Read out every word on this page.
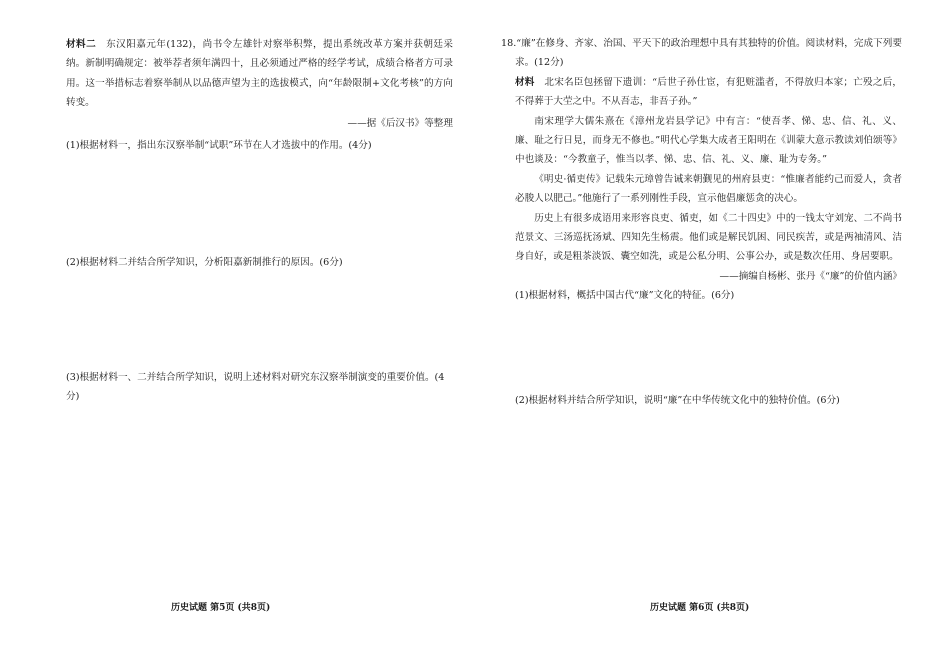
材料二  东汉阳嘉元年(132)，尚书令左雄针对察举积弊，提出系统改革方案并获朝廷采纳。新制明确规定：被举荐者须年满四十，且必须通过严格的经学考试，成绩合格者方可录用。这一举措标志着察举制从以品德声望为主的选拔模式，向“年龄限制+文化考核”的方向转变。

——据《后汉书》等整理

(1)根据材料一，指出东汉察举制“试职”环节在人才选拔中的作用。(4分)

(2)根据材料二并结合所学知识，分析阳嘉新制推行的原因。(6分)

(3)根据材料一、二并结合所学知识，说明上述材料对研究东汉察举制演变的重要价值。(4分)

历史试题 第5页 (共8页)

18.“廉”在修身、齐家、治国、平天下的政治理想中具有其独特的价值。阅读材料，完成下列要求。(12分)

材料  北宋名臣包拯留下遗训：“后世子孙仕宦，有犯赃滥者，不得放归本家；亡殁之后，不得葬于大茔之中。不从吾志，非吾子孙。”

南宋理学大儒朱熹在《漳州龙岩县学记》中有言：“使吾孝、悌、忠、信、礼、义、廉、耻之行日見，而身无不修也。”明代心学集大成者王阳明在《训蒙大意示教读刘伯颂等》中也谈及：“今教童子，惟当以孝、悌、忠、信、礼、义、廉、耻为专务。”

《明史·循吏传》记载朱元璋曾告诫来朝觐见的州府县吏：“惟廉者能约己而爱人，贪者必朘人以肥己。”他施行了一系列刚性手段，宣示他倡廉惩贪的决心。

历史上有很多成语用来形容良吏、循吏，如《二十四史》中的一钱太守刘宠、二不尚书范景文、三汤巡抚汤斌、四知先生杨震。他们或是解民饥困、同民疾苦，或是两袖清风、洁身自好，或是粗茶淡饭、囊空如洗，或是公私分明、公事公办，或是数次任用、身居要职。

——摘编自杨彬、张丹《“廉”的价值内涵》

(1)根据材料，概括中国古代“廉”文化的特征。(6分)

(2)根据材料并结合所学知识，说明“廉”在中华传统文化中的独特价值。(6分)

历史试题 第6页 (共8页)
